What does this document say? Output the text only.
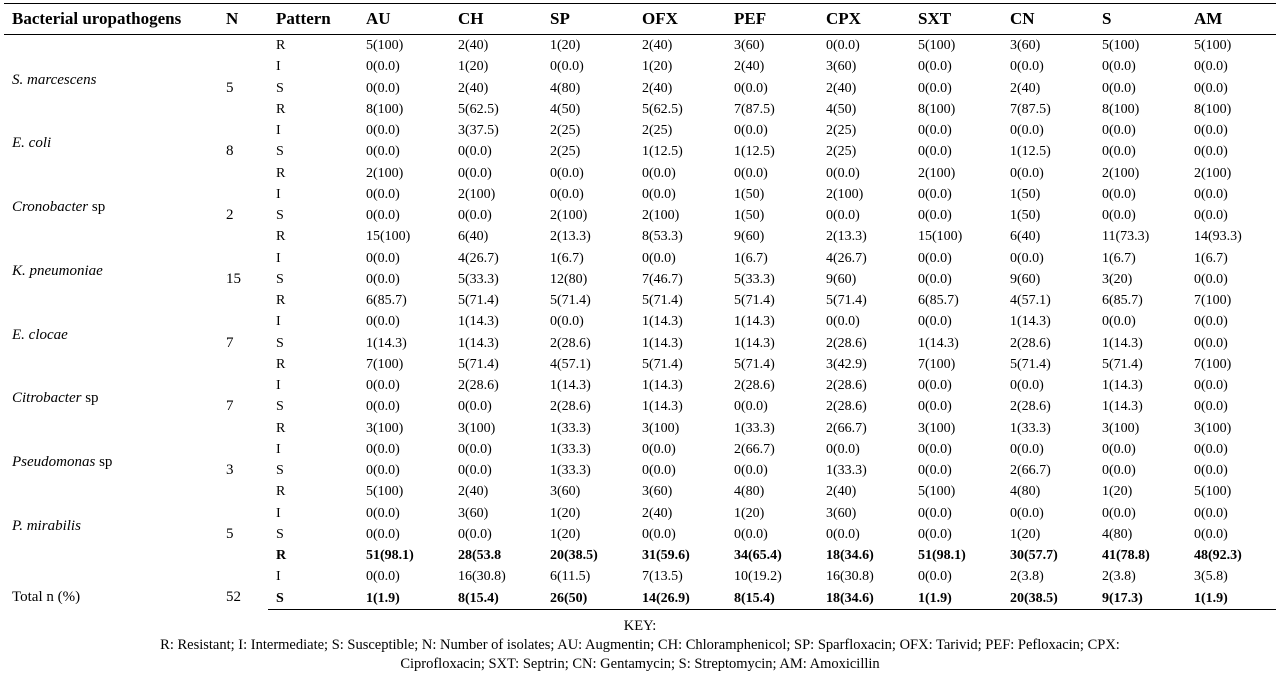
Bacterial uropathogens	N	Pattern	AU	CH	SP	OFX	PEF	CPX	SXT	CN	S	AM
S. marcescens	5	R	5(100)	2(40)	1(20)	2(40)	3(60)	0(0.0)	5(100)	3(60)	5(100)	5(100)
		I	0(0.0)	1(20)	0(0.0)	1(20)	2(40)	3(60)	0(0.0)	0(0.0)	0(0.0)	0(0.0)
		S	0(0.0)	2(40)	4(80)	2(40)	0(0.0)	2(40)	0(0.0)	2(40)	0(0.0)	0(0.0)
E. coli	8	R	8(100)	5(62.5)	4(50)	5(62.5)	7(87.5)	4(50)	8(100)	7(87.5)	8(100)	8(100)
		I	0(0.0)	3(37.5)	2(25)	2(25)	0(0.0)	2(25)	0(0.0)	0(0.0)	0(0.0)	0(0.0)
		S	0(0.0)	0(0.0)	2(25)	1(12.5)	1(12.5)	2(25)	0(0.0)	1(12.5)	0(0.0)	0(0.0)
Cronobacter sp	2	R	2(100)	0(0.0)	0(0.0)	0(0.0)	0(0.0)	0(0.0)	2(100)	0(0.0)	2(100)	2(100)
		I	0(0.0)	2(100)	0(0.0)	0(0.0)	1(50)	2(100)	0(0.0)	1(50)	0(0.0)	0(0.0)
		S	0(0.0)	0(0.0)	2(100)	2(100)	1(50)	0(0.0)	0(0.0)	1(50)	0(0.0)	0(0.0)
K. pneumoniae	15	R	15(100)	6(40)	2(13.3)	8(53.3)	9(60)	2(13.3)	15(100)	6(40)	11(73.3)	14(93.3)
		I	0(0.0)	4(26.7)	1(6.7)	0(0.0)	1(6.7)	4(26.7)	0(0.0)	0(0.0)	1(6.7)	1(6.7)
		S	0(0.0)	5(33.3)	12(80)	7(46.7)	5(33.3)	9(60)	0(0.0)	9(60)	3(20)	0(0.0)
E. clocae	7	R	6(85.7)	5(71.4)	5(71.4)	5(71.4)	5(71.4)	5(71.4)	6(85.7)	4(57.1)	6(85.7)	7(100)
		I	0(0.0)	1(14.3)	0(0.0)	1(14.3)	1(14.3)	0(0.0)	0(0.0)	1(14.3)	0(0.0)	0(0.0)
		S	1(14.3)	1(14.3)	2(28.6)	1(14.3)	1(14.3)	2(28.6)	1(14.3)	2(28.6)	1(14.3)	0(0.0)
Citrobacter sp	7	R	7(100)	5(71.4)	4(57.1)	5(71.4)	5(71.4)	3(42.9)	7(100)	5(71.4)	5(71.4)	7(100)
		I	0(0.0)	2(28.6)	1(14.3)	1(14.3)	2(28.6)	2(28.6)	0(0.0)	0(0.0)	1(14.3)	0(0.0)
		S	0(0.0)	0(0.0)	2(28.6)	1(14.3)	0(0.0)	2(28.6)	0(0.0)	2(28.6)	1(14.3)	0(0.0)
Pseudomonas sp	3	R	3(100)	3(100)	1(33.3)	3(100)	1(33.3)	2(66.7)	3(100)	1(33.3)	3(100)	3(100)
		I	0(0.0)	0(0.0)	1(33.3)	0(0.0)	2(66.7)	0(0.0)	0(0.0)	0(0.0)	0(0.0)	0(0.0)
		S	0(0.0)	0(0.0)	1(33.3)	0(0.0)	0(0.0)	1(33.3)	0(0.0)	2(66.7)	0(0.0)	0(0.0)
P. mirabilis	5	R	5(100)	2(40)	3(60)	3(60)	4(80)	2(40)	5(100)	4(80)	1(20)	5(100)
		I	0(0.0)	3(60)	1(20)	2(40)	1(20)	3(60)	0(0.0)	0(0.0)	0(0.0)	0(0.0)
		S	0(0.0)	0(0.0)	1(20)	0(0.0)	0(0.0)	0(0.0)	0(0.0)	1(20)	4(80)	0(0.0)
Total n (%)	52	R	51(98.1)	28(53.8	20(38.5)	31(59.6)	34(65.4)	18(34.6)	51(98.1)	30(57.7)	41(78.8)	48(92.3)
		I	0(0.0)	16(30.8)	6(11.5)	7(13.5)	10(19.2)	16(30.8)	0(0.0)	2(3.8)	2(3.8)	3(5.8)
		S	1(1.9)	8(15.4)	26(50)	14(26.9)	8(15.4)	18(34.6)	1(1.9)	20(38.5)	9(17.3)	1(1.9)
KEY:
R: Resistant; I: Intermediate; S: Susceptible; N: Number of isolates; AU: Augmentin; CH: Chloramphenicol; SP: Sparfloxacin; OFX: Tarivid; PEF: Pefloxacin; CPX:
Ciprofloxacin; SXT: Septrin; CN: Gentamycin; S: Streptomycin; AM: Amoxicillin
